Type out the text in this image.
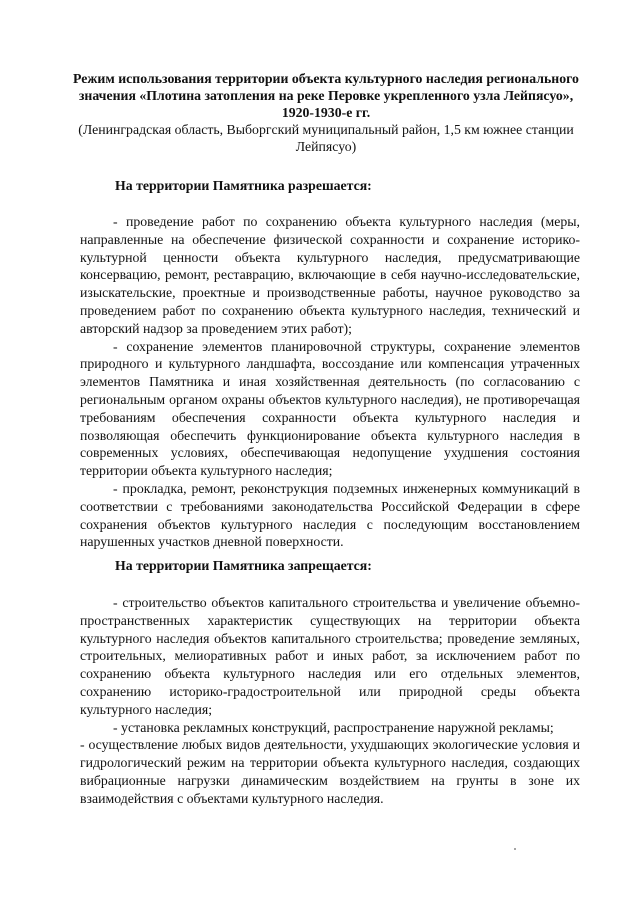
Режим использования территории объекта культурного наследия регионального значения «Плотина затопления на реке Перовке укрепленного узла Лейпясуо», 1920-1930-е гг.
(Ленинградская область, Выборгский муниципальный район, 1,5 км южнее станции Лейпясуо)
На территории Памятника разрешается:

- проведение работ по сохранению объекта культурного наследия (меры, направленные на обеспечение физической сохранности и сохранение историко-культурной ценности объекта культурного наследия, предусматривающие консервацию, ремонт, реставрацию, включающие в себя научно-исследовательские, изыскательские, проектные и производственные работы, научное руководство за проведением работ по сохранению объекта культурного наследия, технический и авторский надзор за проведением этих работ);

- сохранение элементов планировочной структуры, сохранение элементов природного и культурного ландшафта, воссоздание или компенсация утраченных элементов Памятника и иная хозяйственная деятельность (по согласованию с региональным органом охраны объектов культурного наследия), не противоречащая требованиям обеспечения сохранности объекта культурного наследия и позволяющая обеспечить функционирование объекта культурного наследия в современных условиях, обеспечивающая недопущение ухудшения состояния территории объекта культурного наследия;

- прокладка, ремонт, реконструкция подземных инженерных коммуникаций в соответствии с требованиями законодательства Российской Федерации в сфере сохранения объектов культурного наследия с последующим восстановлением нарушенных участков дневной поверхности.

На территории Памятника запрещается:

- строительство объектов капитального строительства и увеличение объемно-пространственных характеристик существующих на территории объекта культурного наследия объектов капитального строительства; проведение земляных, строительных, мелиоративных работ и иных работ, за исключением работ по сохранению объекта культурного наследия или его отдельных элементов, сохранению историко-градостроительной или природной среды объекта культурного наследия;

- установка рекламных конструкций, распространение наружной рекламы;

- осуществление любых видов деятельности, ухудшающих экологические условия и гидрологический режим на территории объекта культурного наследия, создающих вибрационные нагрузки динамическим воздействием на грунты в зоне их взаимодействия с объектами культурного наследия.
